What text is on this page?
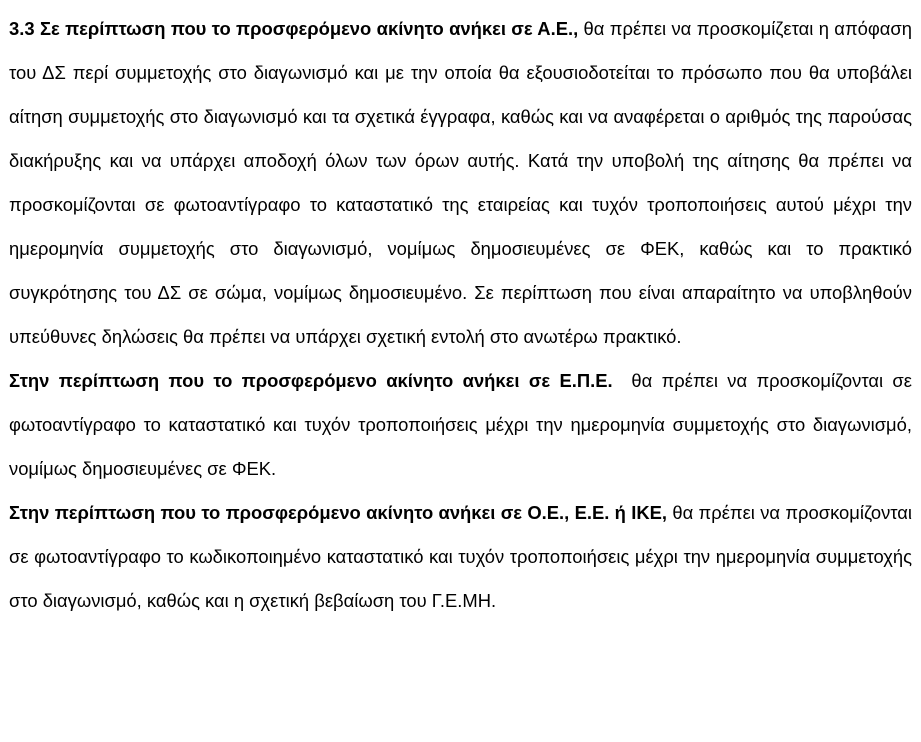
3.3 Σε περίπτωση που το προσφερόμενο ακίνητο ανήκει σε Α.Ε., θα πρέπει να προσκομίζεται η απόφαση του ΔΣ περί συμμετοχής στο διαγωνισμό και με την οποία θα εξουσιοδοτείται το πρόσωπο που θα υποβάλει αίτηση συμμετοχής στο διαγωνισμό και τα σχετικά έγγραφα, καθώς και να αναφέρεται ο αριθμός της παρούσας διακήρυξης και να υπάρχει αποδοχή όλων των όρων αυτής. Κατά την υποβολή της αίτησης θα πρέπει να προσκομίζονται σε φωτοαντίγραφο το καταστατικό της εταιρείας και τυχόν τροποποιήσεις αυτού μέχρι την ημερομηνία συμμετοχής στο διαγωνισμό, νομίμως δημοσιευμένες σε ΦΕΚ, καθώς και το πρακτικό συγκρότησης του ΔΣ σε σώμα, νομίμως δημοσιευμένο. Σε περίπτωση που είναι απαραίτητο να υποβληθούν υπεύθυνες δηλώσεις θα πρέπει να υπάρχει σχετική εντολή στο ανωτέρω πρακτικό.

Στην περίπτωση που το προσφερόμενο ακίνητο ανήκει σε Ε.Π.Ε.  θα πρέπει να προσκομίζονται σε φωτοαντίγραφο το καταστατικό και τυχόν τροποποιήσεις μέχρι την ημερομηνία συμμετοχής στο διαγωνισμό, νομίμως δημοσιευμένες σε ΦΕΚ.

Στην περίπτωση που το προσφερόμενο ακίνητο ανήκει σε Ο.Ε., Ε.Ε. ή ΙΚΕ, θα πρέπει να προσκομίζονται σε φωτοαντίγραφο το κωδικοποιημένο καταστατικό και τυχόν τροποποιήσεις μέχρι την ημερομηνία συμμετοχής στο διαγωνισμό, καθώς και η σχετική βεβαίωση του Γ.Ε.ΜΗ.
